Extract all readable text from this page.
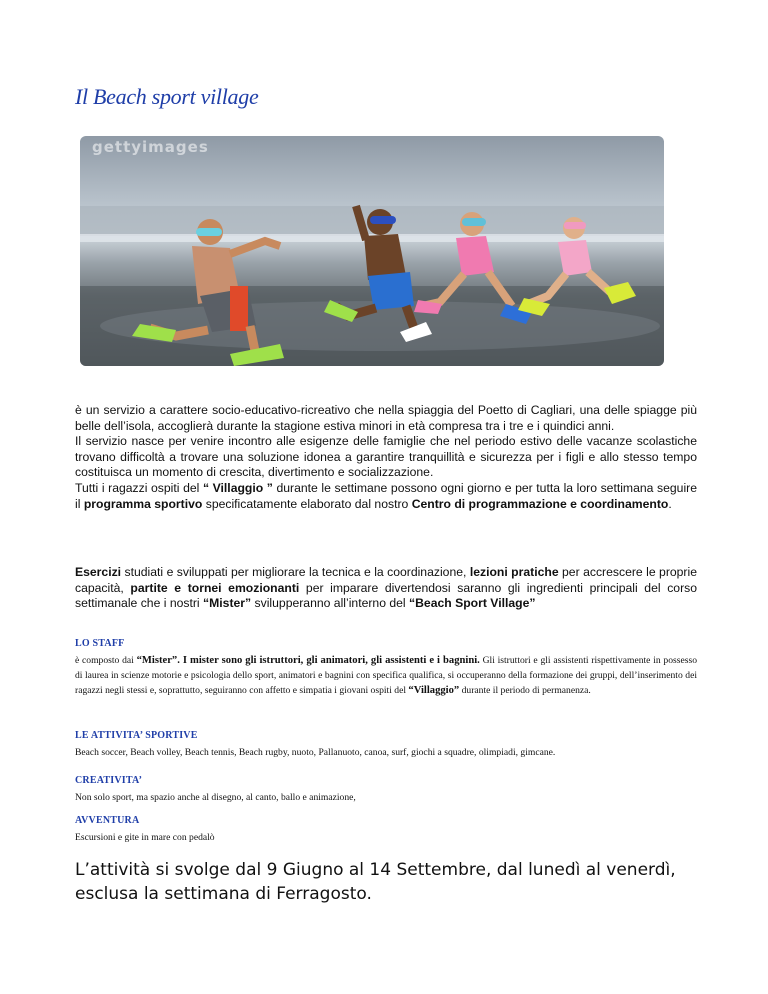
Il Beach sport village
gettyimages

è un servizio a carattere socio-educativo-ricreativo che nella spiaggia del Poetto di Cagliari, una delle spiagge più belle dell’isola, accoglierà durante la stagione estiva minori in età compresa tra i tre e i quindici anni.
Il servizio nasce per venire incontro alle esigenze delle famiglie che nel periodo estivo delle vacanze scolastiche trovano difficoltà a trovare una soluzione idonea a garantire tranquillità e sicurezza per i figli e allo stesso tempo costituisca un momento di crescita, divertimento e socializzazione.
Tutti i ragazzi ospiti del “ Villaggio ” durante le settimane possono ogni giorno e per tutta la loro settimana seguire il programma sportivo specificatamente elaborato dal nostro Centro di programmazione e coordinamento.

Esercizi studiati e sviluppati per migliorare la tecnica e la coordinazione, lezioni pratiche per accrescere le proprie capacità, partite e tornei emozionanti per imparare divertendosi saranno gli ingredienti principali del corso settimanale che i nostri “Mister” svilupperanno all’interno del “Beach Sport Village”

LO STAFF

è composto dai “Mister”. I mister sono gli istruttori, gli animatori, gli assistenti e i bagnini. Gli istruttori e gli assistenti rispettivamente in possesso di laurea in scienze motorie e psicologia dello sport, animatori e bagnini con specifica qualifica, si occuperanno della formazione dei gruppi, dell’inserimento dei ragazzi negli stessi e, soprattutto, seguiranno con affetto e simpatia i giovani ospiti del “Villaggio” durante il periodo di permanenza.

LE ATTIVITA’ SPORTIVE

Beach soccer, Beach volley, Beach tennis, Beach rugby, nuoto, Pallanuoto, canoa, surf, giochi a squadre, olimpiadi, gimcane.

CREATIVITA’

Non solo sport, ma spazio anche al disegno, al canto, ballo e animazione,

AVVENTURA

Escursioni e gite in mare con pedalò

L’attività si svolge dal 9 Giugno al 14 Settembre, dal lunedì al venerdì, esclusa la settimana di Ferragosto.
